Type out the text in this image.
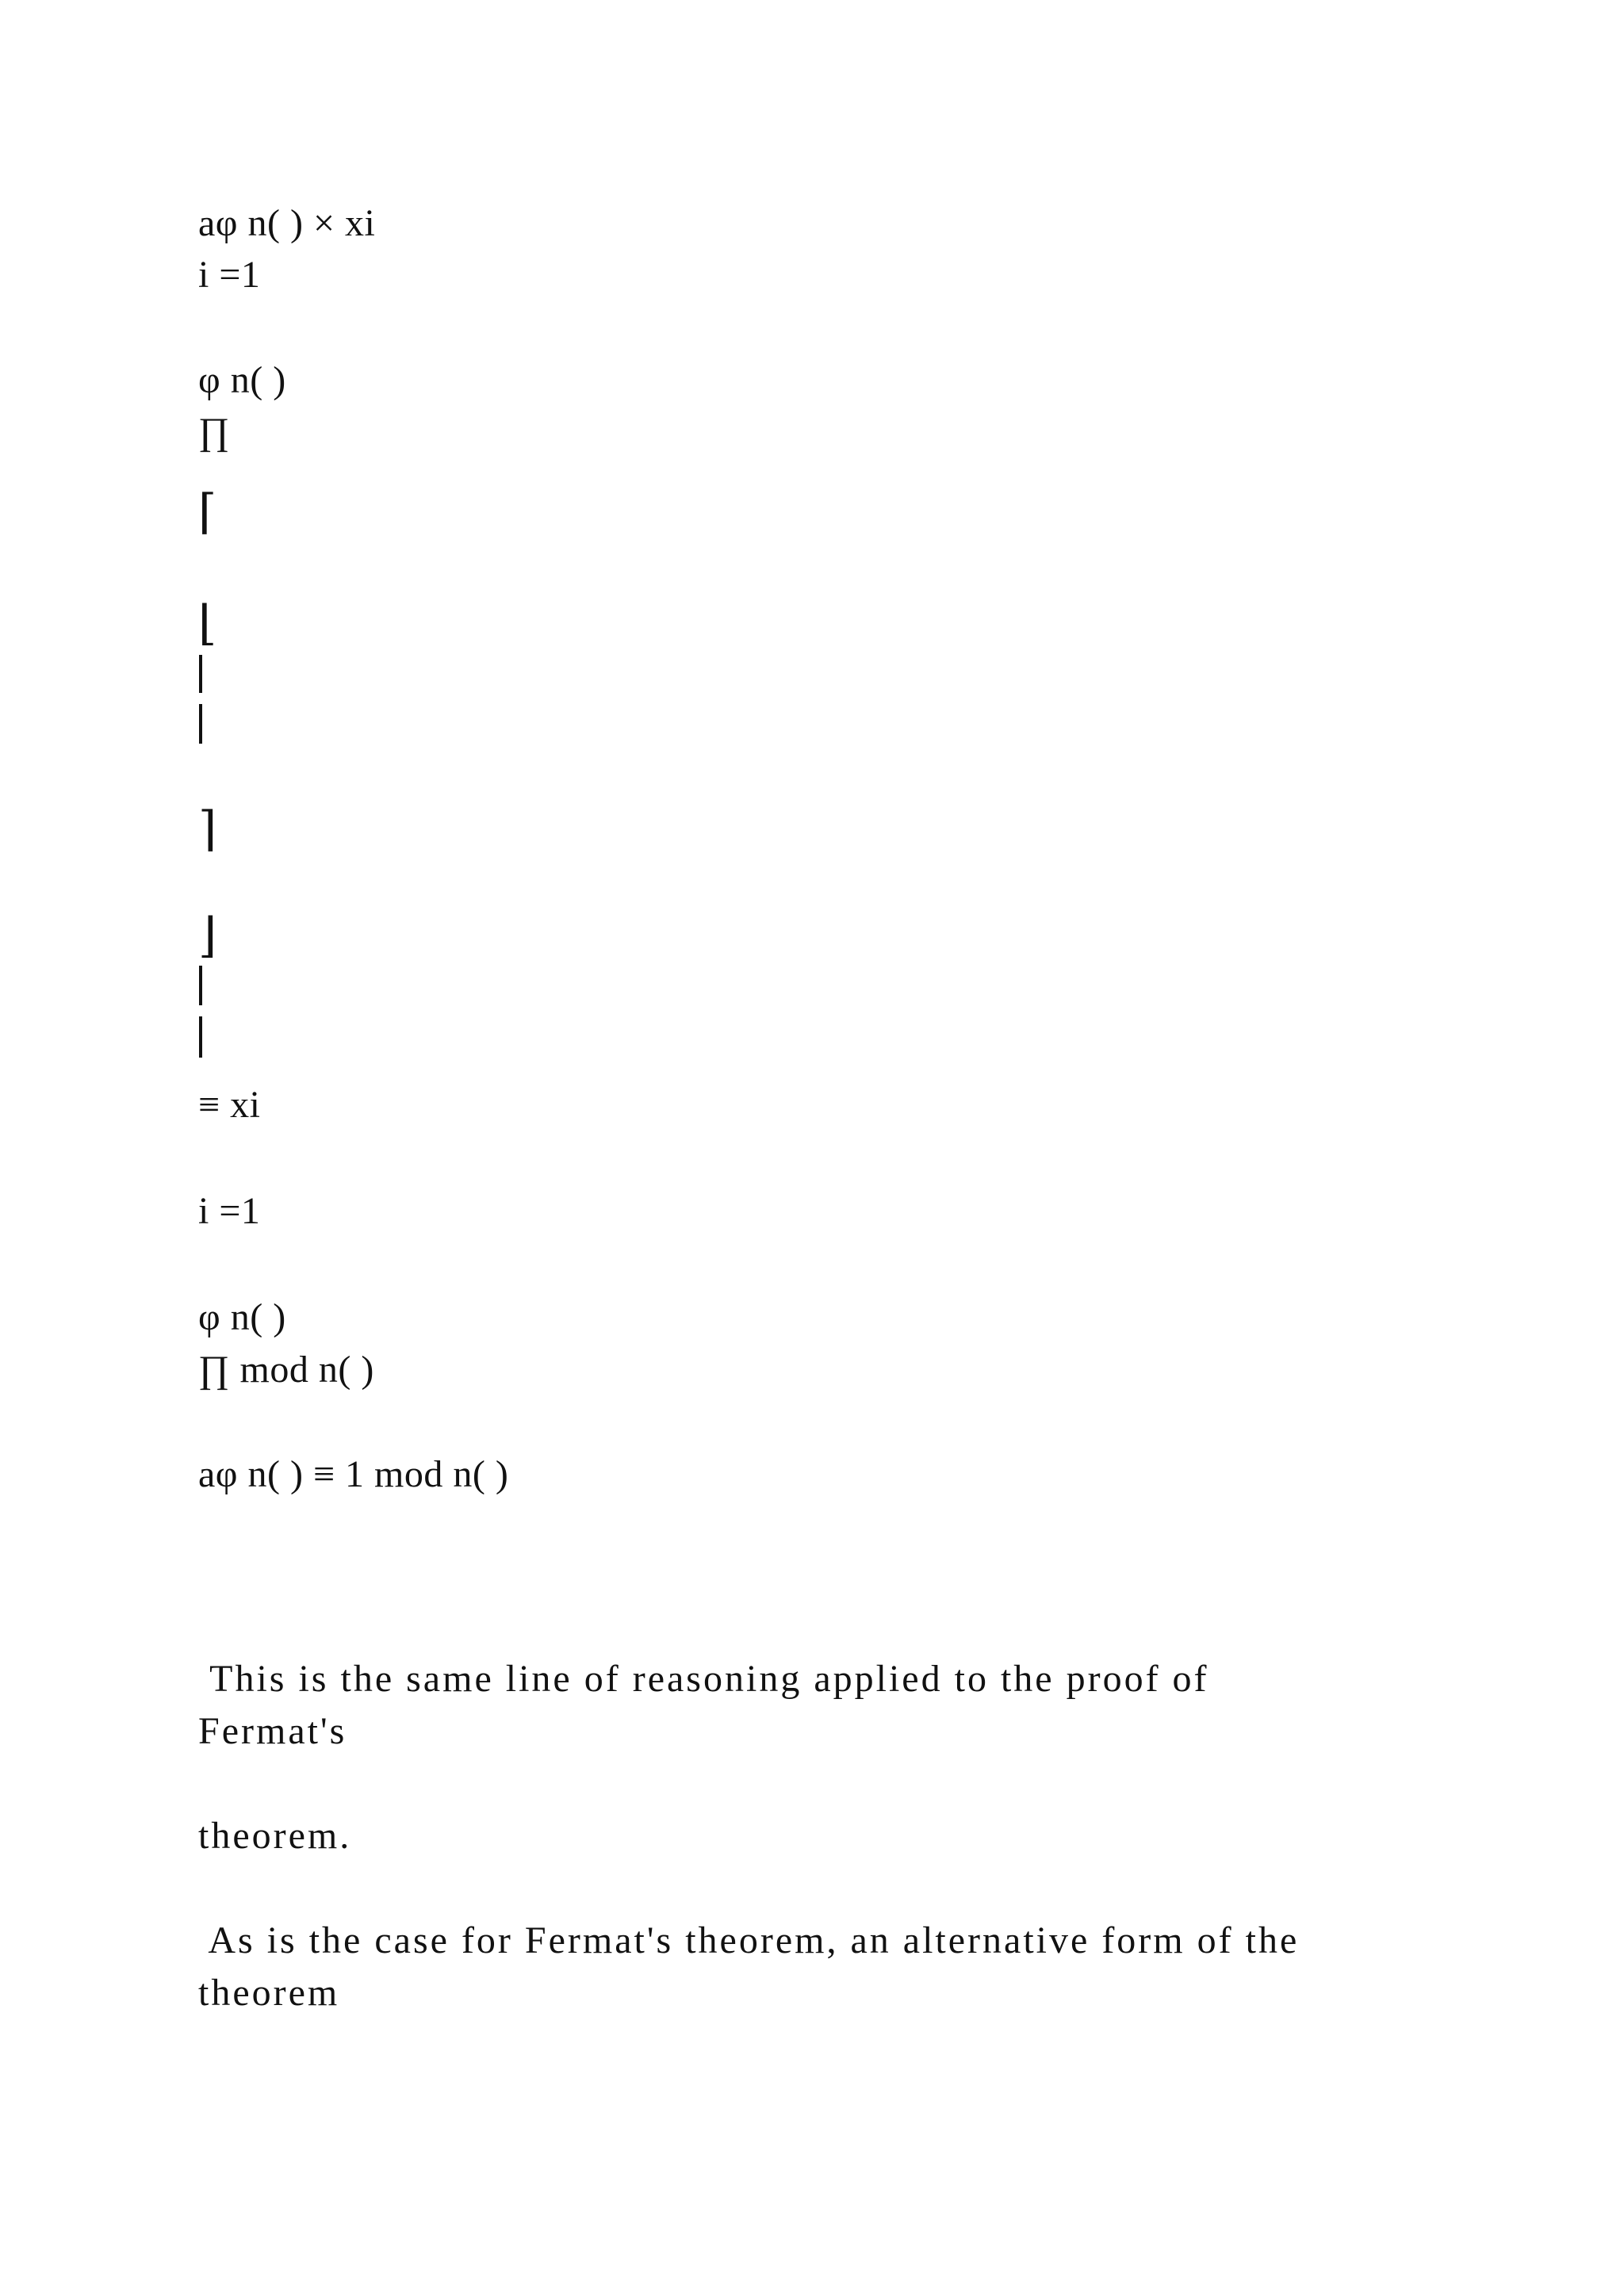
aφ n( ) × xi
i =1
φ n( )
∏
⌈
⌊
⌉
⌋
≡ xi
i =1
φ n( )
∏ mod n( )
aφ n( ) ≡ 1 mod n( )
This is the same line of reasoning applied to the proof of
Fermat's
theorem.
As is the case for Fermat's theorem, an alternative form of the
theorem
